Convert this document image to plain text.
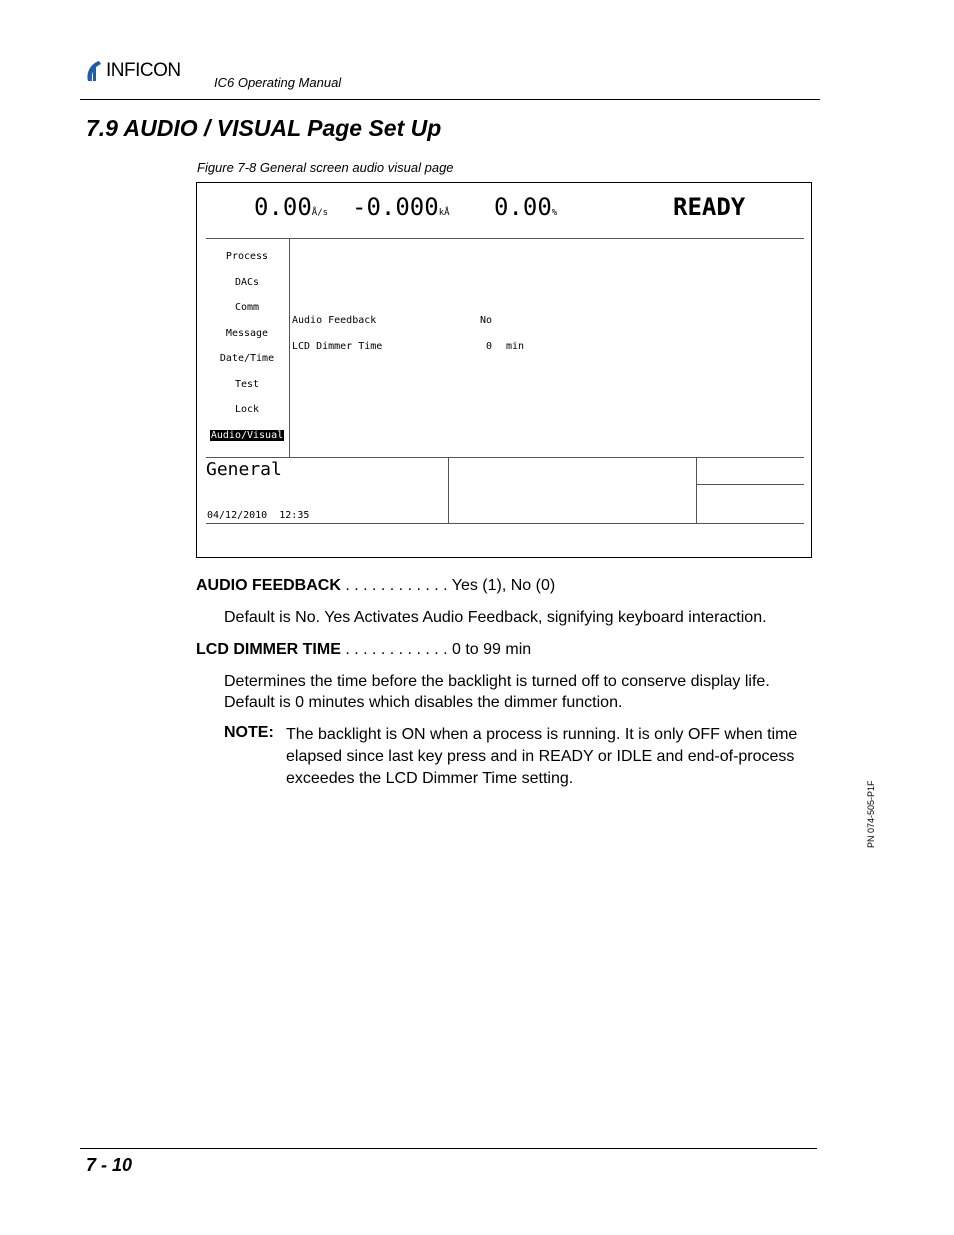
INFICON
IC6 Operating Manual
7.9 AUDIO / VISUAL Page Set Up
Figure 7-8 General screen audio visual page
0.00Å/s -0.000kÅ 0.00%	READY
Process
DACs
Comm
Message
Date/Time
Test
Lock
Audio/Visual
Audio Feedback	No
LCD Dimmer Time	0 min
General
04/12/2010 12:35
AUDIO FEEDBACK . . . . . . . . . . . . Yes (1), No (0)
Default is No. Yes Activates Audio Feedback, signifying keyboard interaction.
LCD DIMMER TIME . . . . . . . . . . . . 0 to 99 min
Determines the time before the backlight is turned off to conserve display life.
Default is 0 minutes which disables the dimmer function.
NOTE: The backlight is ON when a process is running. It is only OFF when time elapsed since last key press and in READY or IDLE and end-of-process exceedes the LCD Dimmer Time setting.
PN 074-505-P1F
7 - 10
